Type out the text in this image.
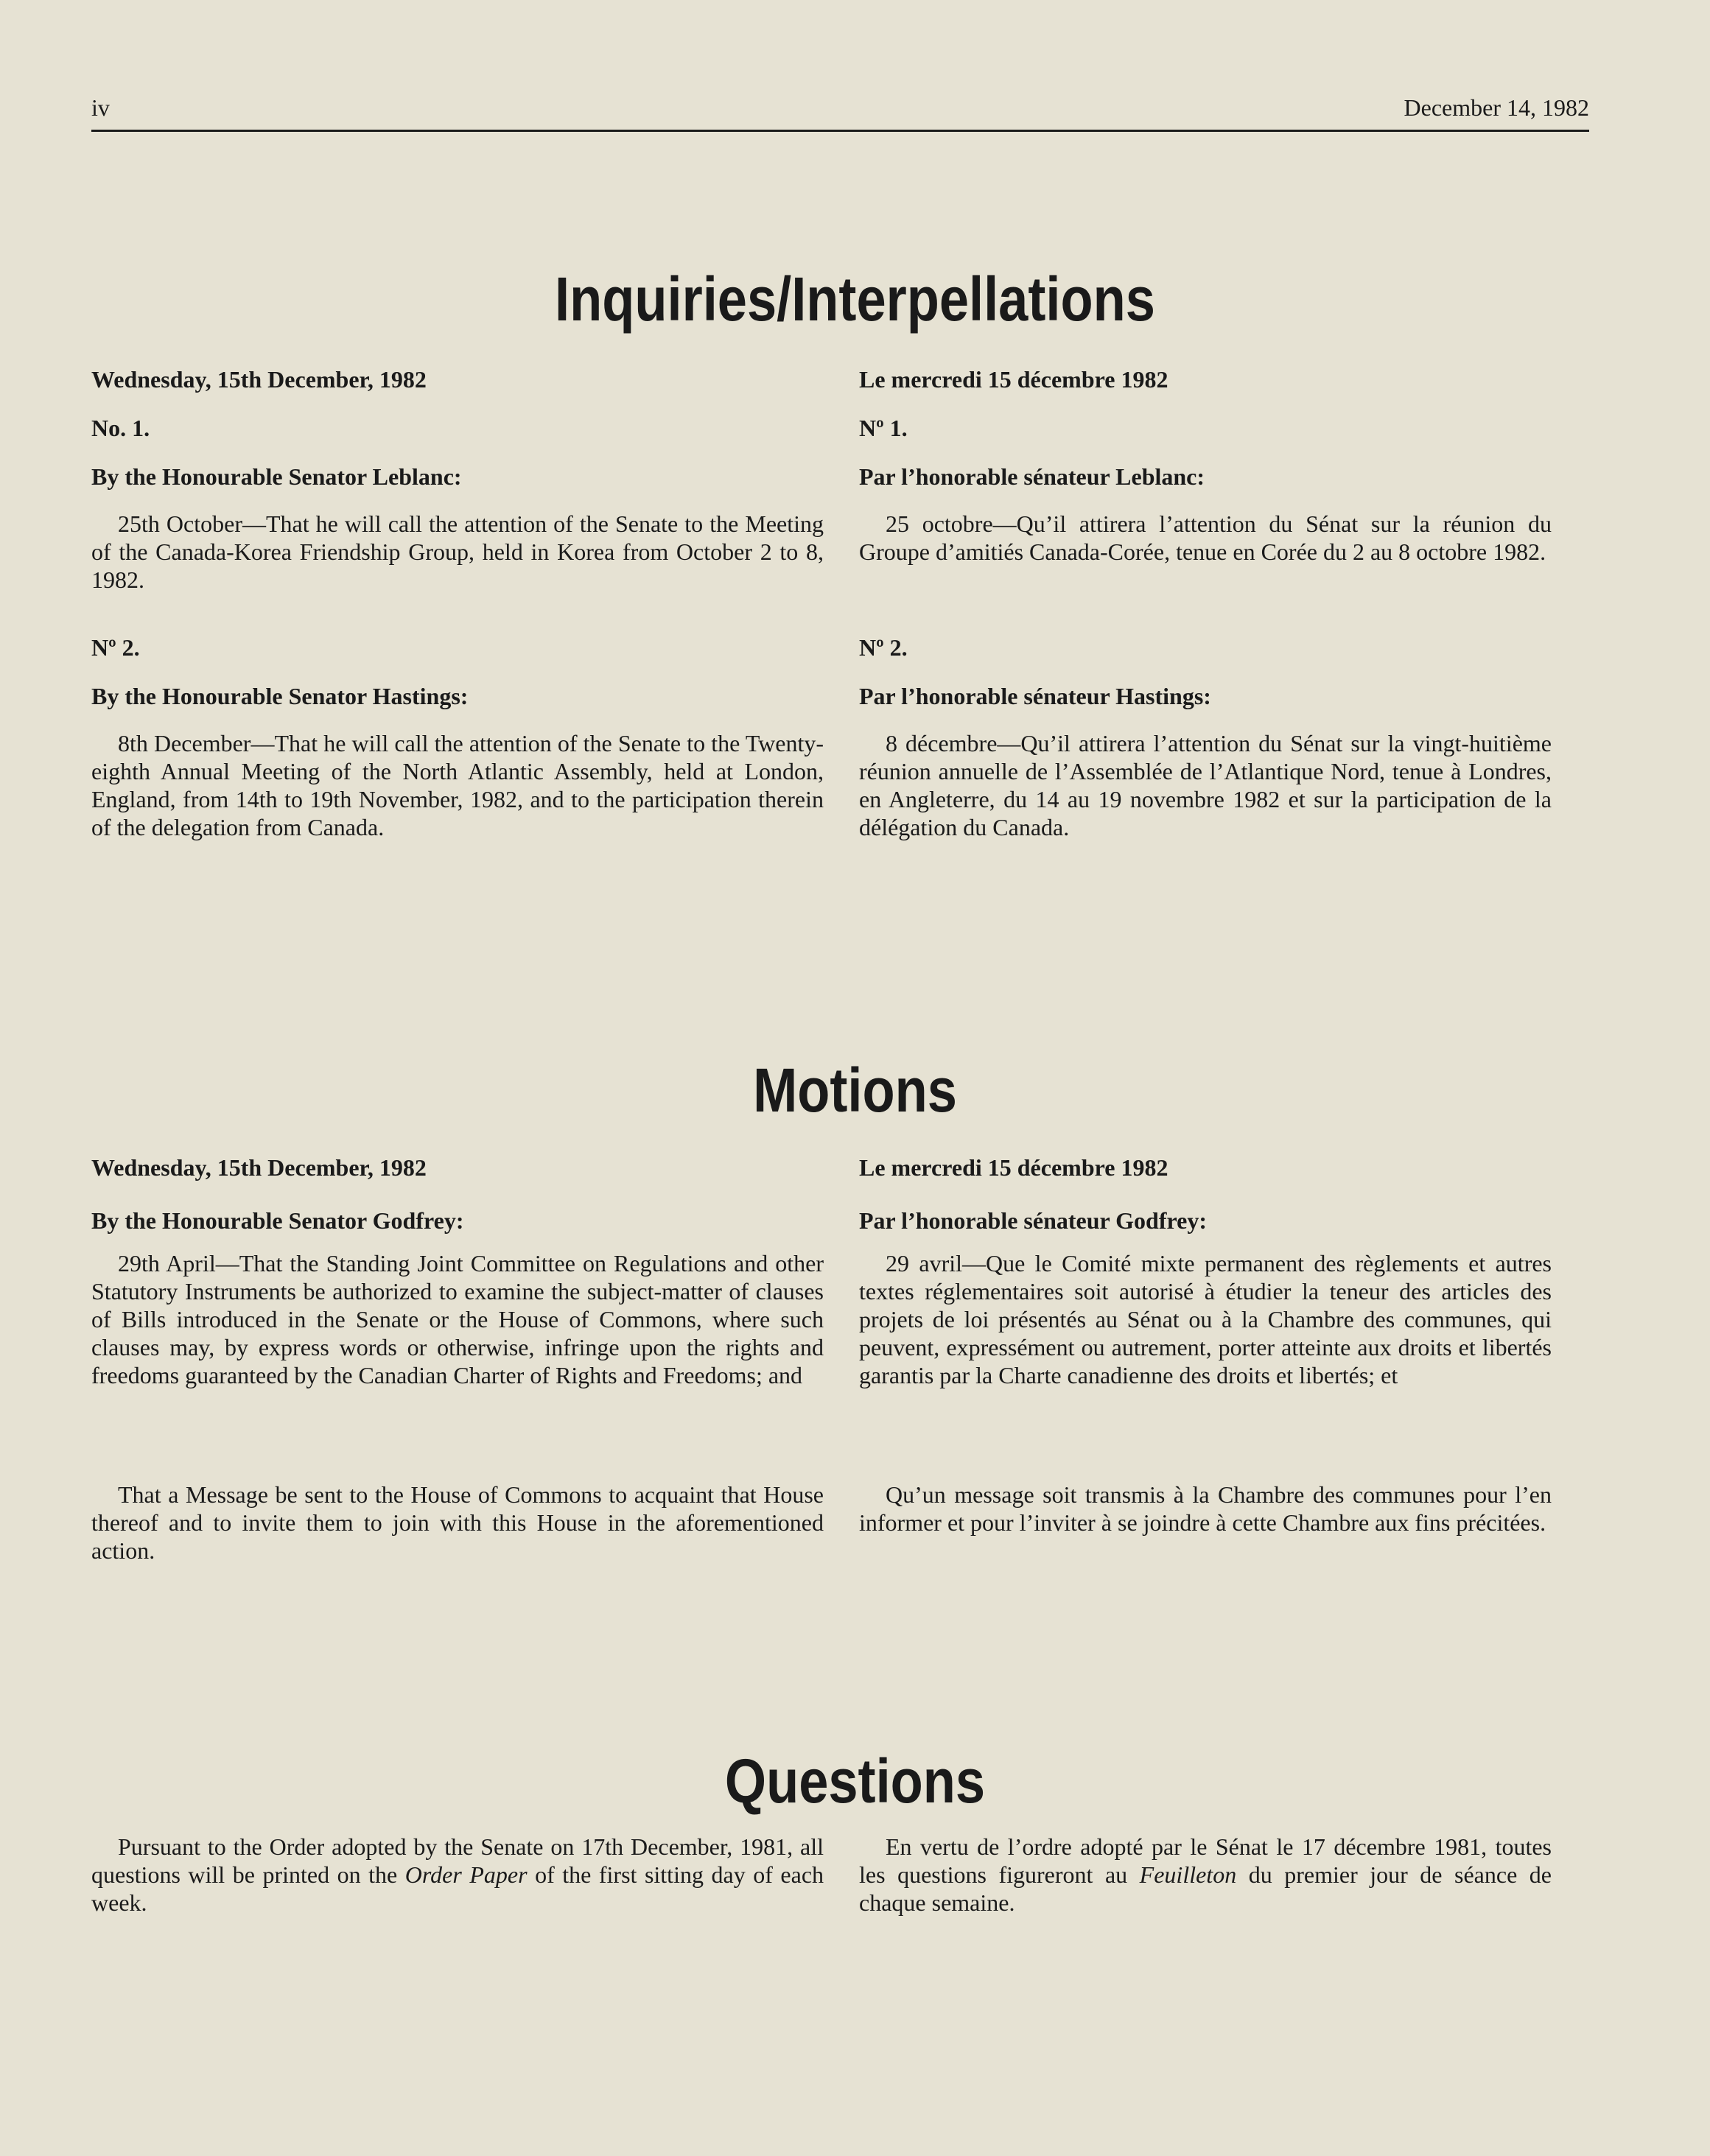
iv	December 14, 1982
Inquiries/Interpellations

Wednesday, 15th December, 1982

No. 1.

By the Honourable Senator Leblanc:

25th October—That he will call the attention of the Senate to the Meeting of the Canada-Korea Friendship Group, held in Korea from October 2 to 8, 1982.

Nº 2.

By the Honourable Senator Hastings:

8th December—That he will call the attention of the Senate to the Twenty-eighth Annual Meeting of the North Atlantic Assembly, held at London, England, from 14th to 19th November, 1982, and to the participation therein of the delegation from Canada.

Le mercredi 15 décembre 1982

Nº 1.

Par l’honorable sénateur Leblanc:

25 octobre—Qu’il attirera l’attention du Sénat sur la réunion du Groupe d’amitiés Canada-Corée, tenue en Corée du 2 au 8 octobre 1982.

Nº 2.

Par l’honorable sénateur Hastings:

8 décembre—Qu’il attirera l’attention du Sénat sur la vingt-huitième réunion annuelle de l’Assemblée de l’Atlantique Nord, tenue à Londres, en Angleterre, du 14 au 19 novembre 1982 et sur la participation de la délégation du Canada.

Motions

Wednesday, 15th December, 1982

By the Honourable Senator Godfrey:

29th April—That the Standing Joint Committee on Regulations and other Statutory Instruments be authorized to examine the subject-matter of clauses of Bills introduced in the Senate or the House of Commons, where such clauses may, by express words or otherwise, infringe upon the rights and freedoms guaranteed by the Canadian Charter of Rights and Freedoms; and

That a Message be sent to the House of Commons to acquaint that House thereof and to invite them to join with this House in the aforementioned action.

Le mercredi 15 décembre 1982

Par l’honorable sénateur Godfrey:

29 avril—Que le Comité mixte permanent des règlements et autres textes réglementaires soit autorisé à étudier la teneur des articles des projets de loi présentés au Sénat ou à la Chambre des communes, qui peuvent, expressément ou autrement, porter atteinte aux droits et libertés garantis par la Charte canadienne des droits et libertés; et

Qu’un message soit transmis à la Chambre des communes pour l’en informer et pour l’inviter à se joindre à cette Chambre aux fins précitées.

Questions

Pursuant to the Order adopted by the Senate on 17th December, 1981, all questions will be printed on the Order Paper of the first sitting day of each week.

En vertu de l’ordre adopté par le Sénat le 17 décembre 1981, toutes les questions figureront au Feuilleton du premier jour de séance de chaque semaine.
